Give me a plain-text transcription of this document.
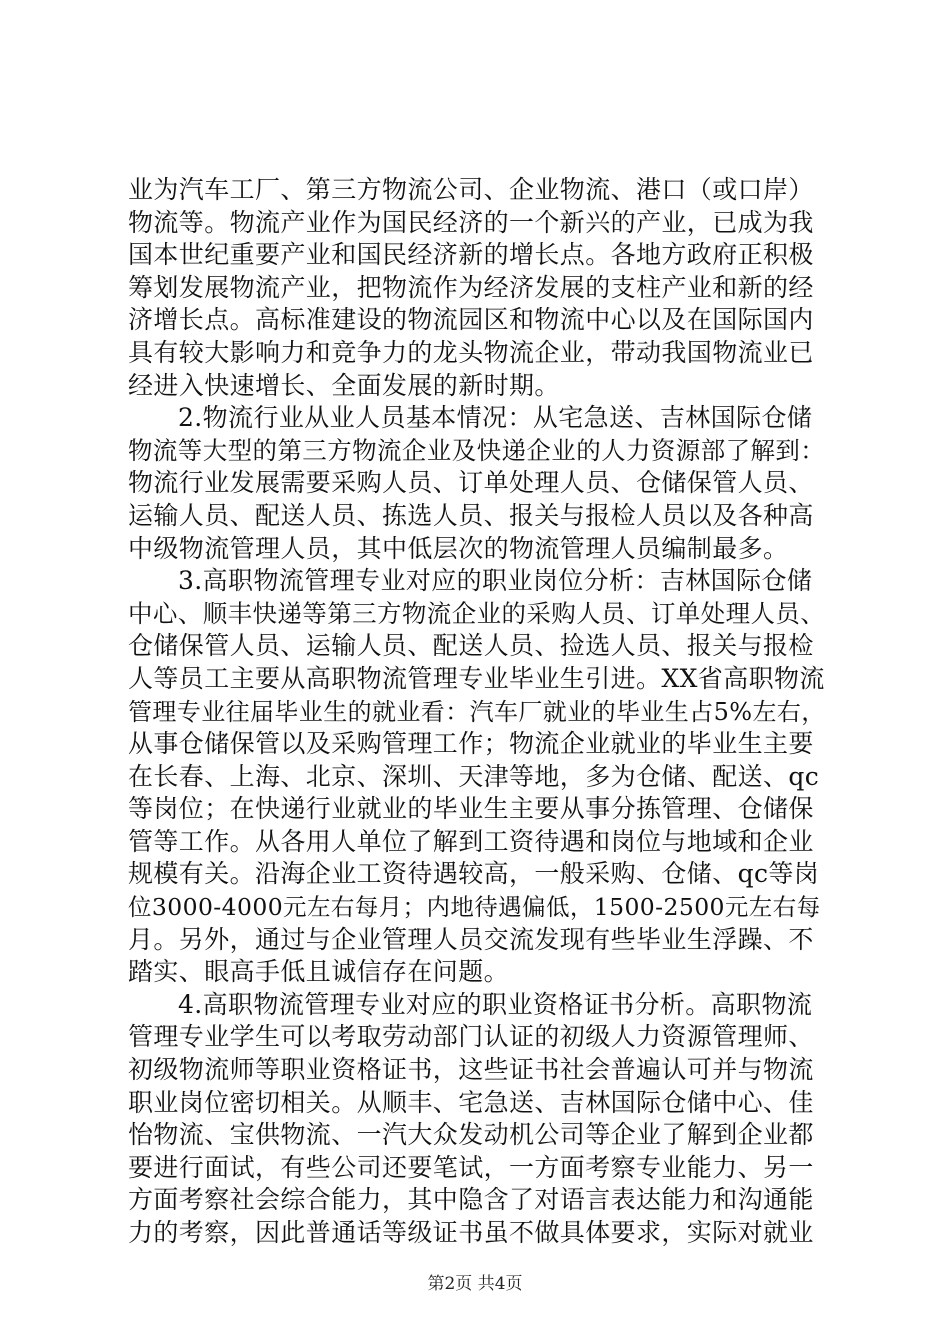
业为汽车工厂、第三方物流公司、企业物流、港口（或口岸）
物流等。物流产业作为国民经济的一个新兴的产业，已成为我
国本世纪重要产业和国民经济新的增长点。各地方政府正积极
筹划发展物流产业，把物流作为经济发展的支柱产业和新的经
济增长点。高标准建设的物流园区和物流中心以及在国际国内
具有较大影响力和竞争力的龙头物流企业，带动我国物流业已
经进入快速增长、全面发展的新时期。
2.物流行业从业人员基本情况：从宅急送、吉林国际仓储
物流等大型的第三方物流企业及快递企业的人力资源部了解到：
物流行业发展需要采购人员、订单处理人员、仓储保管人员、
运输人员、配送人员、拣选人员、报关与报检人员以及各种高
中级物流管理人员，其中低层次的物流管理人员编制最多。
3.高职物流管理专业对应的职业岗位分析：吉林国际仓储
中心、顺丰快递等第三方物流企业的采购人员、订单处理人员、
仓储保管人员、运输人员、配送人员、捡选人员、报关与报检
人等员工主要从高职物流管理专业毕业生引进。XX省高职物流
管理专业往届毕业生的就业看：汽车厂就业的毕业生占5%左右，
从事仓储保管以及采购管理工作；物流企业就业的毕业生主要
在长春、上海、北京、深圳、天津等地，多为仓储、配送、qc
等岗位；在快递行业就业的毕业生主要从事分拣管理、仓储保
管等工作。从各用人单位了解到工资待遇和岗位与地域和企业
规模有关。沿海企业工资待遇较高，一般采购、仓储、qc等岗
位3000-4000元左右每月；内地待遇偏低，1500-2500元左右每
月。另外，通过与企业管理人员交流发现有些毕业生浮躁、不
踏实、眼高手低且诚信存在问题。
4.高职物流管理专业对应的职业资格证书分析。高职物流
管理专业学生可以考取劳动部门认证的初级人力资源管理师、
初级物流师等职业资格证书，这些证书社会普遍认可并与物流
职业岗位密切相关。从顺丰、宅急送、吉林国际仓储中心、佳
怡物流、宝供物流、一汽大众发动机公司等企业了解到企业都
要进行面试，有些公司还要笔试，一方面考察专业能力、另一
方面考察社会综合能力，其中隐含了对语言表达能力和沟通能
力的考察，因此普通话等级证书虽不做具体要求，实际对就业
第2页 共4页
